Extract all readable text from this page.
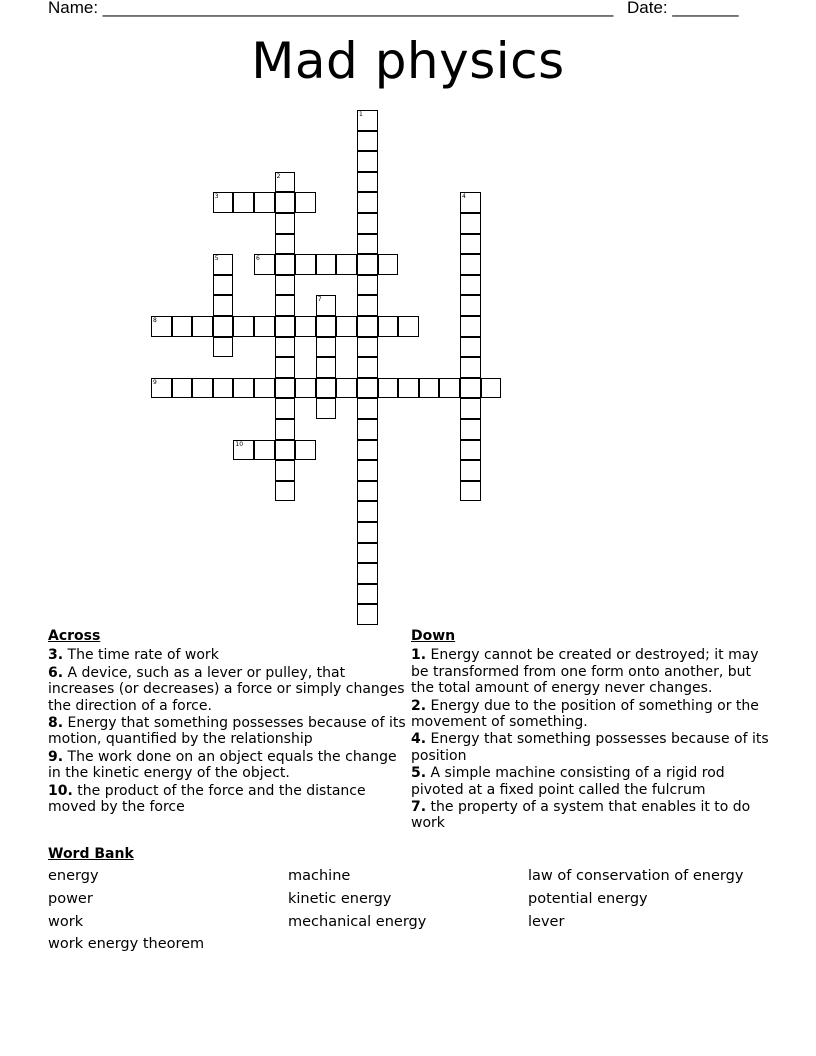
Name: ______________________________________________________ Date: _______
Mad physics
1
2
3	4
5	6
7
8
9
10
Across
3. The time rate of work
6. A device, such as a lever or pulley, that increases (or decreases) a force or simply changes the direction of a force.
8. Energy that something possesses because of its motion, quantified by the relationship
9. The work done on an object equals the change in the kinetic energy of the object.
10. the product of the force and the distance moved by the force
Down
1. Energy cannot be created or destroyed; it may be transformed from one form onto another, but the total amount of energy never changes.
2. Energy due to the position of something or the movement of something.
4. Energy that something possesses because of its position
5. A simple machine consisting of a rigid rod pivoted at a fixed point called the fulcrum
7. the property of a system that enables it to do work
Word Bank
energy
power
work
work energy theorem
machine
kinetic energy
mechanical energy
law of conservation of energy
potential energy
lever
